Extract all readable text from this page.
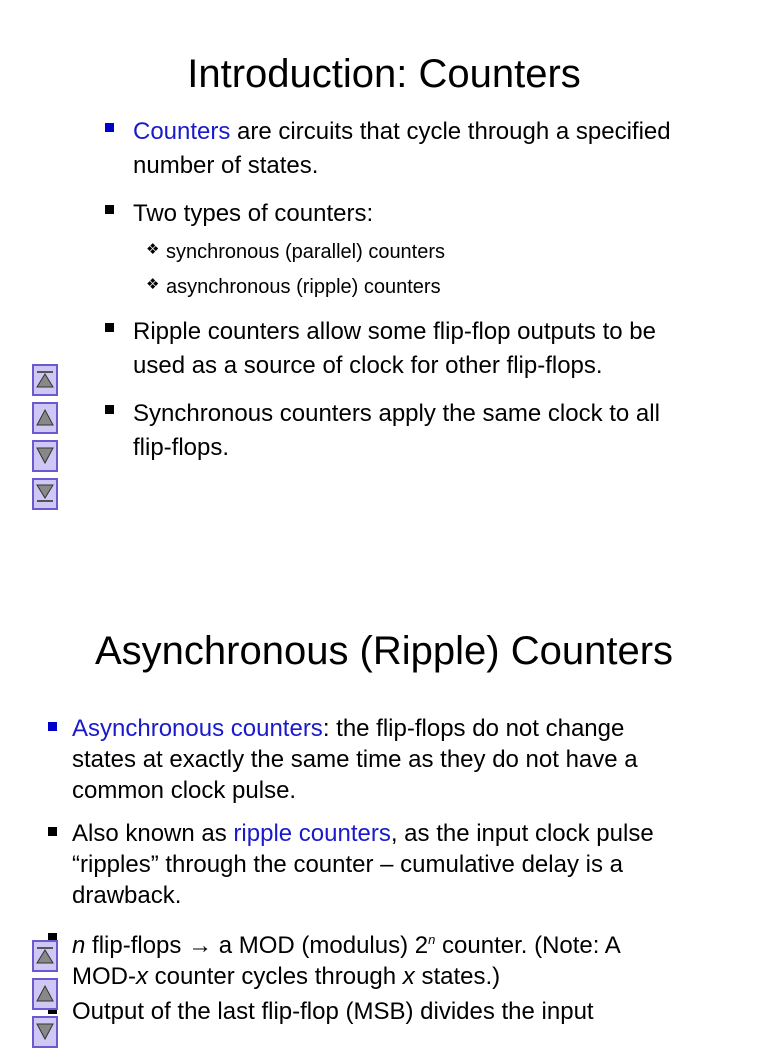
Introduction: Counters
Counters are circuits that cycle through a specified
number of states.
Two types of counters:
❖ synchronous (parallel) counters
❖ asynchronous (ripple) counters
Ripple counters allow some flip-flop outputs to be
used as a source of clock for other flip-flops.
Synchronous counters apply the same clock to all
flip-flops.
Asynchronous (Ripple) Counters
Asynchronous counters: the flip-flops do not change
states at exactly the same time as they do not have a
common clock pulse.
Also known as ripple counters, as the input clock pulse
“ripples” through the counter – cumulative delay is a
drawback.
n flip-flops → a MOD (modulus) 2$^n$ counter. (Note: A
MOD-x counter cycles through x states.)
Output of the last flip-flop (MSB) divides the input
